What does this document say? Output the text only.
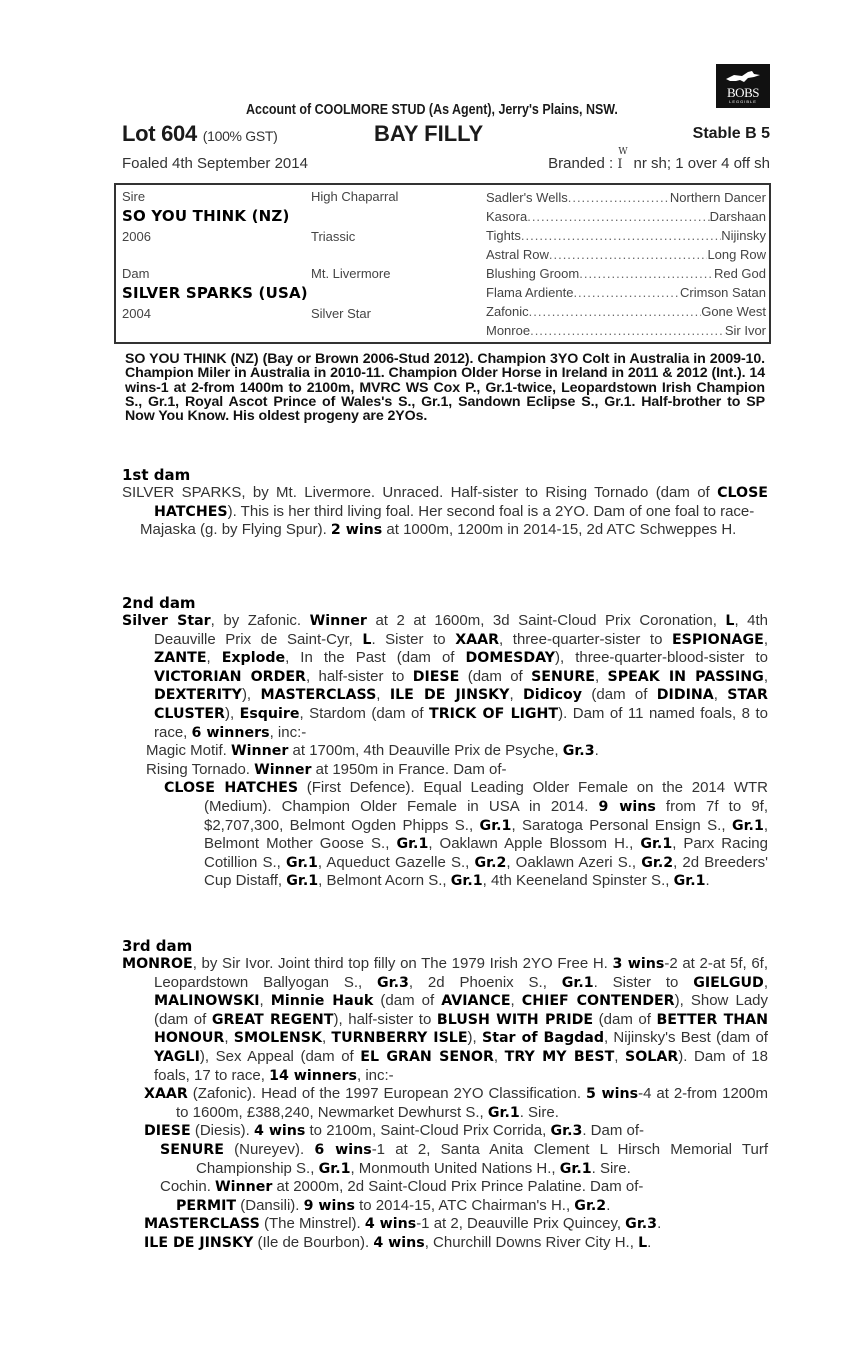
BOBS
LEGGIBLE
Account of COOLMORE STUD (As Agent), Jerry's Plains, NSW.
Lot 604 (100% GST)	BAY FILLY	Stable B 5
Foaled 4th September 2014	Branded :
W
I nr sh; 1 over 4 off sh
Sire	High Chaparral
SO YOU THINK (NZ)
2006	Triassic
Dam	Mt. Livermore
SILVER SPARKS (USA)
2004	Silver Star
Sadler's Wells .....	Northern Dancer
Kasora .....	Darshaan
Tights .....	Nijinsky
Astral Row .....	Long Row
Blushing Groom .....	Red God
Flama Ardiente .....	Crimson Satan
Zafonic .....	Gone West
Monroe .....	Sir Ivor
SO YOU THINK (NZ) (Bay or Brown 2006-Stud 2012). Champion 3YO Colt in Australia in 2009-10. Champion Miler in Australia in 2010-11. Champion Older Horse in Ireland in 2011 & 2012 (Int.). 14 wins-1 at 2-from 1400m to 2100m, MVRC WS Cox P., Gr.1-twice, Leopardstown Irish Champion S., Gr.1, Royal Ascot Prince of Wales's S., Gr.1, Sandown Eclipse S., Gr.1. Half-brother to SP Now You Know. His oldest progeny are 2YOs.
1st dam
SILVER SPARKS, by Mt. Livermore. Unraced. Half-sister to Rising Tornado (dam of CLOSE HATCHES). This is her third living foal. Her second foal is a 2YO. Dam of one foal to race-
Majaska (g. by Flying Spur). 2 wins at 1000m, 1200m in 2014-15, 2d ATC Schweppes H.
2nd dam
Silver Star, by Zafonic. Winner at 2 at 1600m, 3d Saint-Cloud Prix Coronation, L, 4th Deauville Prix de Saint-Cyr, L. Sister to XAAR, three-quarter-sister to ESPIONAGE, ZANTE, Explode, In the Past (dam of DOMESDAY), three-quarter-blood-sister to VICTORIAN ORDER, half-sister to DIESE (dam of SENURE, SPEAK IN PASSING, DEXTERITY), MASTERCLASS, ILE DE JINSKY, Didicoy (dam of DIDINA, STAR CLUSTER), Esquire, Stardom (dam of TRICK OF LIGHT). Dam of 11 named foals, 8 to race, 6 winners, inc:-
Magic Motif. Winner at 1700m, 4th Deauville Prix de Psyche, Gr.3.
Rising Tornado. Winner at 1950m in France. Dam of-
CLOSE HATCHES (First Defence). Equal Leading Older Female on the 2014 WTR (Medium). Champion Older Female in USA in 2014. 9 wins from 7f to 9f, $2,707,300, Belmont Ogden Phipps S., Gr.1, Saratoga Personal Ensign S., Gr.1, Belmont Mother Goose S., Gr.1, Oaklawn Apple Blossom H., Gr.1, Parx Racing Cotillion S., Gr.1, Aqueduct Gazelle S., Gr.2, Oaklawn Azeri S., Gr.2, 2d Breeders' Cup Distaff, Gr.1, Belmont Acorn S., Gr.1, 4th Keeneland Spinster S., Gr.1.
3rd dam
MONROE, by Sir Ivor. Joint third top filly on The 1979 Irish 2YO Free H. 3 wins-2 at 2-at 5f, 6f, Leopardstown Ballyogan S., Gr.3, 2d Phoenix S., Gr.1. Sister to GIELGUD, MALINOWSKI, Minnie Hauk (dam of AVIANCE, CHIEF CONTENDER), Show Lady (dam of GREAT REGENT), half-sister to BLUSH WITH PRIDE (dam of BETTER THAN HONOUR, SMOLENSK, TURNBERRY ISLE), Star of Bagdad, Nijinsky's Best (dam of YAGLI), Sex Appeal (dam of EL GRAN SENOR, TRY MY BEST, SOLAR). Dam of 18 foals, 17 to race, 14 winners, inc:-
XAAR (Zafonic). Head of the 1997 European 2YO Classification. 5 wins-4 at 2-from 1200m to 1600m, £388,240, Newmarket Dewhurst S., Gr.1. Sire.
DIESE (Diesis). 4 wins to 2100m, Saint-Cloud Prix Corrida, Gr.3. Dam of-
SENURE (Nureyev). 6 wins-1 at 2, Santa Anita Clement L Hirsch Memorial Turf Championship S., Gr.1, Monmouth United Nations H., Gr.1. Sire.
Cochin. Winner at 2000m, 2d Saint-Cloud Prix Prince Palatine. Dam of-
PERMIT (Dansili). 9 wins to 2014-15, ATC Chairman's H., Gr.2.
MASTERCLASS (The Minstrel). 4 wins-1 at 2, Deauville Prix Quincey, Gr.3.
ILE DE JINSKY (Ile de Bourbon). 4 wins, Churchill Downs River City H., L.
